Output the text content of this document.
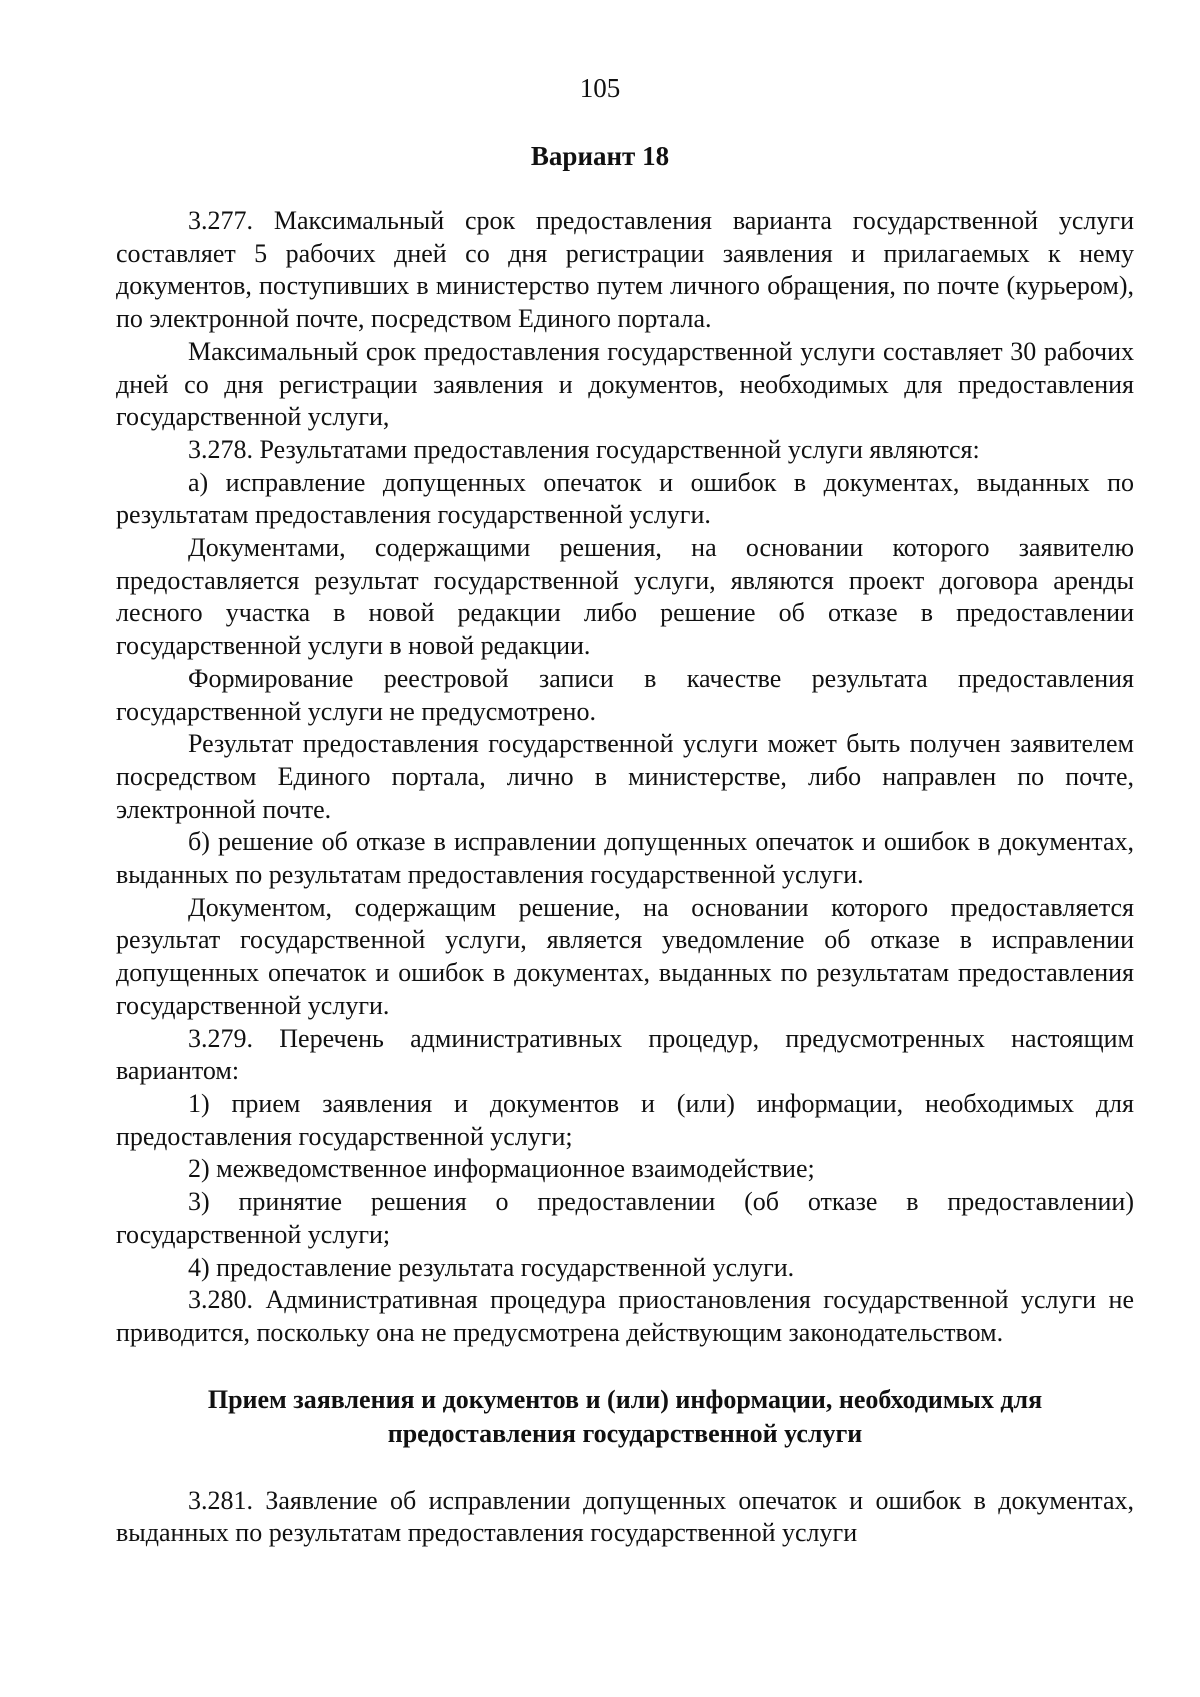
105
Вариант 18

3.277. Максимальный срок предоставления варианта государственной услуги составляет 5 рабочих дней со дня регистрации заявления и прилагаемых к нему документов, поступивших в министерство путем личного обращения, по почте (курьером), по электронной почте, посредством Единого портала.

Максимальный срок предоставления государственной услуги составляет 30 рабочих дней со дня регистрации заявления и документов, необходимых для предоставления государственной услуги,

3.278. Результатами предоставления государственной услуги являются:

а) исправление допущенных опечаток и ошибок в документах, выданных по результатам предоставления государственной услуги.

Документами, содержащими решения, на основании которого заявителю предоставляется результат государственной услуги, являются проект договора аренды лесного участка в новой редакции либо решение об отказе в предоставлении государственной услуги в новой редакции.

Формирование реестровой записи в качестве результата предоставления государственной услуги не предусмотрено.

Результат предоставления государственной услуги может быть получен заявителем посредством Единого портала, лично в министерстве, либо направлен по почте, электронной почте.

б) решение об отказе в исправлении допущенных опечаток и ошибок в документах, выданных по результатам предоставления государственной услуги.

Документом, содержащим решение, на основании которого предоставляется результат государственной услуги, является уведомление об отказе в исправлении допущенных опечаток и ошибок в документах, выданных по результатам предоставления государственной услуги.

3.279. Перечень административных процедур, предусмотренных настоящим вариантом:

1) прием заявления и документов и (или) информации, необходимых для предоставления государственной услуги;

2) межведомственное информационное взаимодействие;

3) принятие решения о предоставлении (об отказе в предоставлении) государственной услуги;

4) предоставление результата государственной услуги.

3.280. Административная процедура приостановления государственной услуги не приводится, поскольку она не предусмотрена действующим законодательством.

Прием заявления и документов и (или) информации, необходимых для предоставления государственной услуги

3.281. Заявление об исправлении допущенных опечаток и ошибок в документах, выданных по результатам предоставления государственной услуги
